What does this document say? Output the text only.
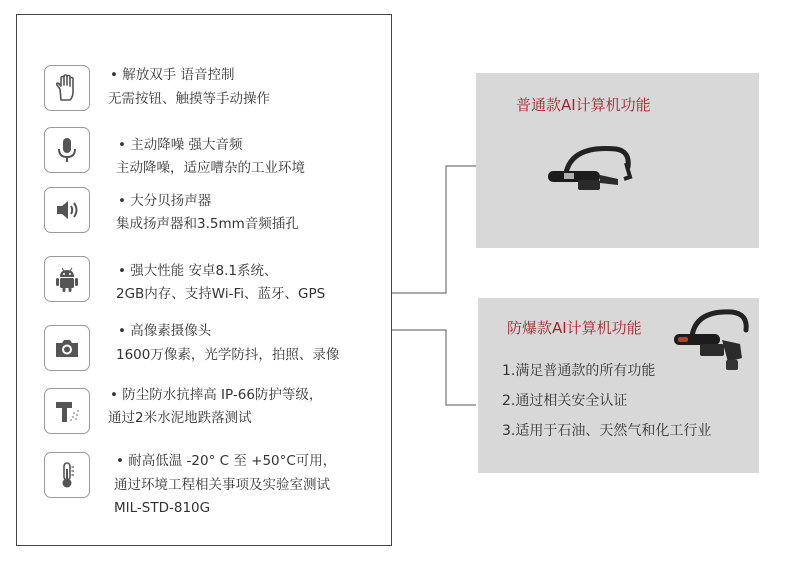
• 解放双手 语音控制
无需按钮、触摸等手动操作
• 主动降噪 强大音频
主动降噪，适应嘈杂的工业环境
• 大分贝扬声器
集成扬声器和3.5mm音频插孔
• 强大性能 安卓8.1系统、
2GB内存、支持Wi-Fi、蓝牙、GPS
• 高像素摄像头
1600万像素，光学防抖，拍照、录像
• 防尘防水抗摔高 IP-66防护等级，
通过2米水泥地跌落测试
• 耐高低温 -20° C 至 +50°C可用，
通过环境工程相关事项及实验室测试
MIL-STD-810G
普通款AI计算机功能
防爆款AI计算机功能
1.满足普通款的所有功能
2.通过相关安全认证
3.适用于石油、天然气和化工行业
